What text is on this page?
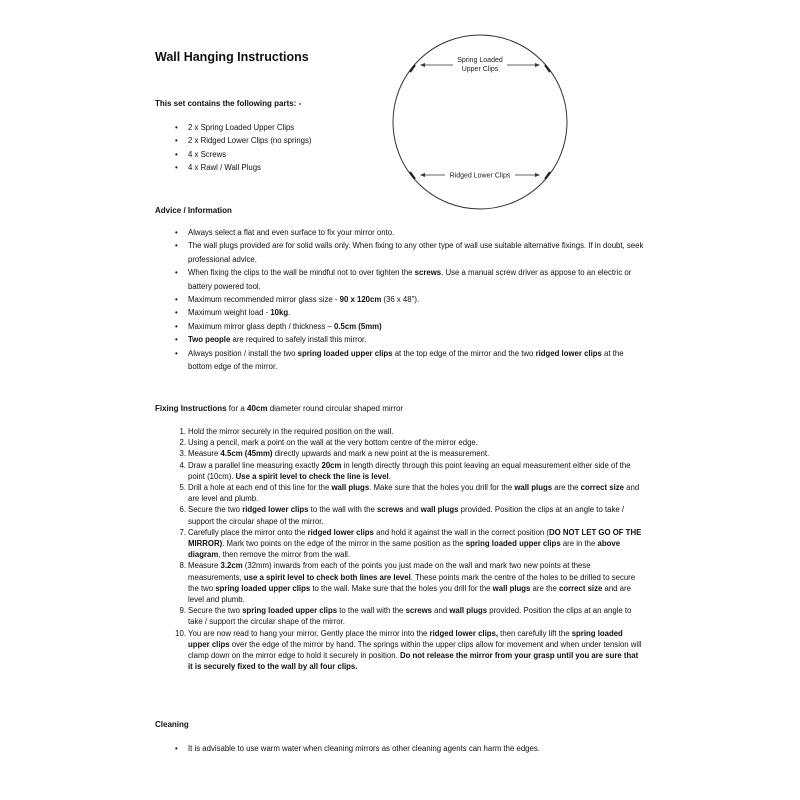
Wall Hanging Instructions
This set contains the following parts: -
• 2 x Spring Loaded Upper Clips
• 2 x Ridged Lower Clips (no springs)
• 4 x Screws
• 4 x Rawl / Wall Plugs
Spring Loaded
Upper Clips
Ridged Lower Clips
Advice / Information
• Always select a flat and even surface to fix your mirror onto.
• The wall plugs provided are for solid walls only. When fixing to any other type of wall use suitable alternative fixings. If in doubt, seek professional advice.
• When fixing the clips to the wall be mindful not to over tighten the screws. Use a manual screw driver as appose to an electric or battery powered tool.
• Maximum recommended mirror glass size - 90 x 120cm (36 x 48").
• Maximum weight load - 10kg.
• Maximum mirror glass depth / thickness – 0.5cm (5mm)
• Two people are required to safely install this mirror.
• Always position / install the two spring loaded upper clips at the top edge of the mirror and the two ridged lower clips at the bottom edge of the mirror.
Fixing Instructions for a 40cm diameter round circular shaped mirror
1. Hold the mirror securely in the required position on the wall.
2. Using a pencil, mark a point on the wall at the very bottom centre of the mirror edge.
3. Measure 4.5cm (45mm) directly upwards and mark a new point at the is measurement.
4. Draw a parallel line measuring exactly 20cm in length directly through this point leaving an equal measurement either side of the point (10cm). Use a spirit level to check the line is level.
5. Drill a hole at each end of this line for the wall plugs. Make sure that the holes you drill for the wall plugs are the correct size and are level and plumb.
6. Secure the two ridged lower clips to the wall with the screws and wall plugs provided. Position the clips at an angle to take / support the circular shape of the mirror.
7. Carefully place the mirror onto the ridged lower clips and hold it against the wall in the correct position (DO NOT LET GO OF THE MIRROR). Mark two points on the edge of the mirror in the same position as the spring loaded upper clips are in the above diagram, then remove the mirror from the wall.
8. Measure 3.2cm (32mm) inwards from each of the points you just made on the wall and mark two new points at these measurements, use a spirit level to check both lines are level. These points mark the centre of the holes to be drilled to secure the two spring loaded upper clips to the wall. Make sure that the holes you drill for the wall plugs are the correct size and are level and plumb.
9. Secure the two spring loaded upper clips to the wall with the screws and wall plugs provided. Position the clips at an angle to take / support the circular shape of the mirror.
10. You are now read to hang your mirror. Gently place the mirror into the ridged lower clips, then carefully lift the spring loaded upper clips over the edge of the mirror by hand. The springs within the upper clips allow for movement and when under tension will clamp down on the mirror edge to hold it securely in position. Do not release the mirror from your grasp until you are sure that it is securely fixed to the wall by all four clips.
Cleaning
• It is advisable to use warm water when cleaning mirrors as other cleaning agents can harm the edges.
